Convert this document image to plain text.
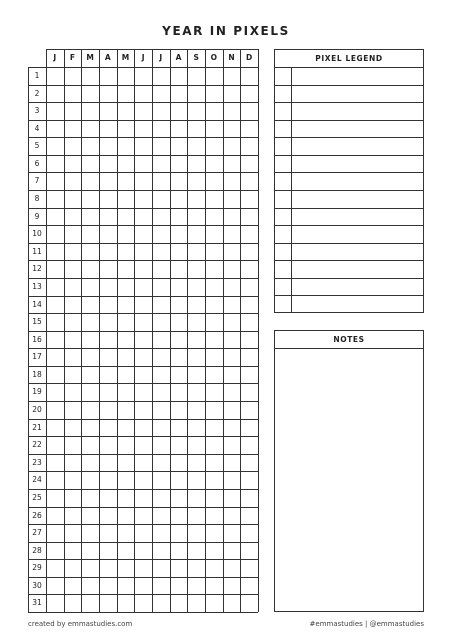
YEAR IN PIXELS
J	F	M	A	M	J	J	A	S	O	N	D
1
2
3
4
5
6
7
8
9
10
11
12
13
14
15
16
17
18
19
20
21
22
23
24
25
26
27
28
29
30
31
PIXEL LEGEND
NOTES
created by emmastudies.com	#emmastudies | @emmastudies
